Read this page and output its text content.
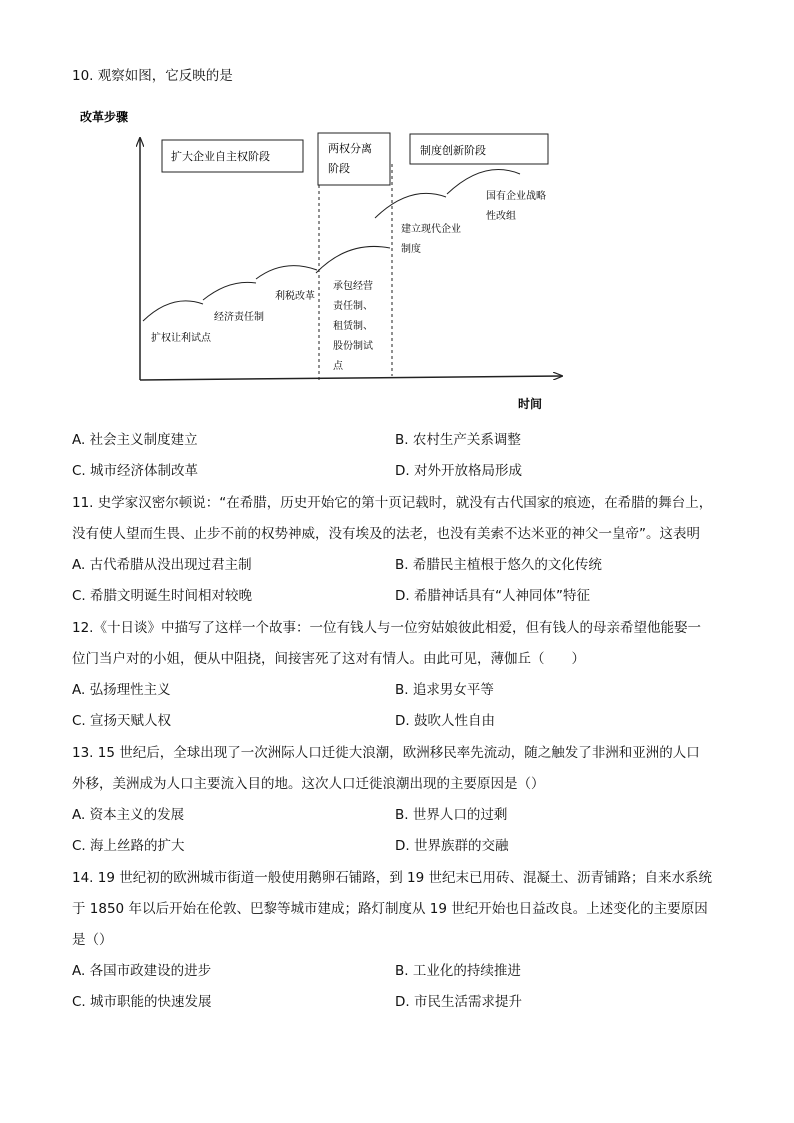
10. 观察如图，它反映的是
改革步骤
时间
扩大企业自主权阶段
两权分离
阶段
制度创新阶段
扩权让利试点
经济责任制
利税改革
承包经营
责任制、
租赁制、
股份制试
点
建立现代企业
制度
国有企业战略
性改组
A. 社会主义制度建立	B. 农村生产关系调整
C. 城市经济体制改革	D. 对外开放格局形成
11. 史学家汉密尔顿说：“在希腊，历史开始它的第十页记载时，就没有古代国家的痕迹，在希腊的舞台上，
没有使人望而生畏、止步不前的权势神威，没有埃及的法老，也没有美索不达米亚的神父一皇帝”。这表明
A. 古代希腊从没出现过君主制	B. 希腊民主植根于悠久的文化传统
C. 希腊文明诞生时间相对较晚	D. 希腊神话具有“人神同体”特征
12.《十日谈》中描写了这样一个故事：一位有钱人与一位穷姑娘彼此相爱，但有钱人的母亲希望他能娶一
位门当户对的小姐，便从中阻挠，间接害死了这对有情人。由此可见，薄伽丘（　　）
A. 弘扬理性主义	B. 追求男女平等
C. 宣扬天赋人权	D. 鼓吹人性自由
13. 15 世纪后，全球出现了一次洲际人口迁徙大浪潮，欧洲移民率先流动，随之触发了非洲和亚洲的人口
外移，美洲成为人口主要流入目的地。这次人口迁徙浪潮出现的主要原因是（）
A. 资本主义的发展	B. 世界人口的过剩
C. 海上丝路的扩大	D. 世界族群的交融
14. 19 世纪初的欧洲城市街道一般使用鹅卵石铺路，到 19 世纪末已用砖、混凝土、沥青铺路；自来水系统
于 1850 年以后开始在伦敦、巴黎等城市建成；路灯制度从 19 世纪开始也日益改良。上述变化的主要原因
是（）
A. 各国市政建设的进步	B. 工业化的持续推进
C. 城市职能的快速发展	D. 市民生活需求提升
